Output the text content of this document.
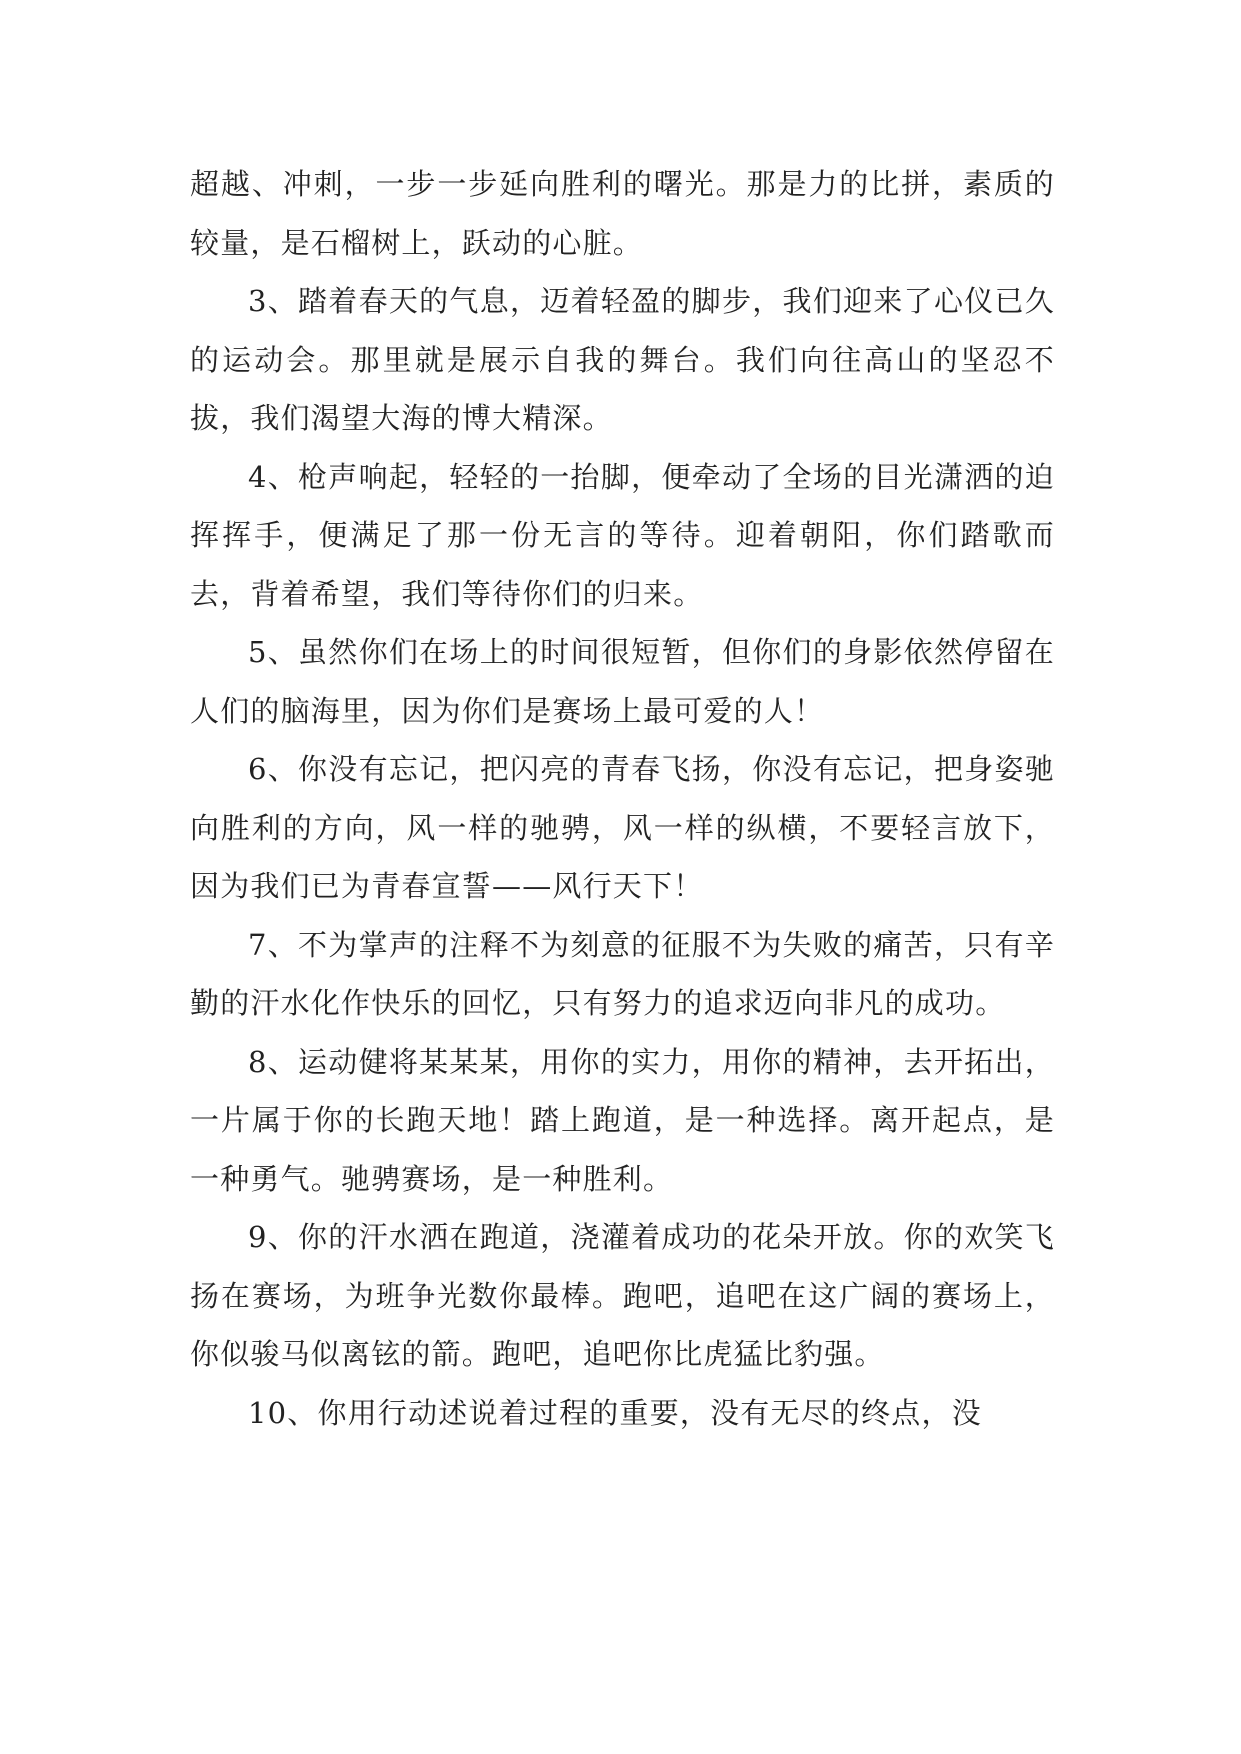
超越、冲刺，一步一步延向胜利的曙光。那是力的比拼，素质的较量，是石榴树上，跃动的心脏。

3、踏着春天的气息，迈着轻盈的脚步，我们迎来了心仪已久的运动会。那里就是展示自我的舞台。我们向往高山的坚忍不拔，我们渴望大海的博大精深。

4、枪声响起，轻轻的一抬脚，便牵动了全场的目光潇洒的迫挥挥手，便满足了那一份无言的等待。迎着朝阳，你们踏歌而去，背着希望，我们等待你们的归来。

5、虽然你们在场上的时间很短暂，但你们的身影依然停留在人们的脑海里，因为你们是赛场上最可爱的人！

6、你没有忘记，把闪亮的青春飞扬，你没有忘记，把身姿驰向胜利的方向，风一样的驰骋，风一样的纵横，不要轻言放下，因为我们已为青春宣誓——风行天下！

7、不为掌声的注释不为刻意的征服不为失败的痛苦，只有辛勤的汗水化作快乐的回忆，只有努力的追求迈向非凡的成功。

8、运动健将某某某，用你的实力，用你的精神，去开拓出，一片属于你的长跑天地！踏上跑道，是一种选择。离开起点，是一种勇气。驰骋赛场，是一种胜利。

9、你的汗水洒在跑道，浇灌着成功的花朵开放。你的欢笑飞扬在赛场，为班争光数你最棒。跑吧，追吧在这广阔的赛场上，你似骏马似离铉的箭。跑吧，追吧你比虎猛比豹强。

10、你用行动述说着过程的重要，没有无尽的终点，没
